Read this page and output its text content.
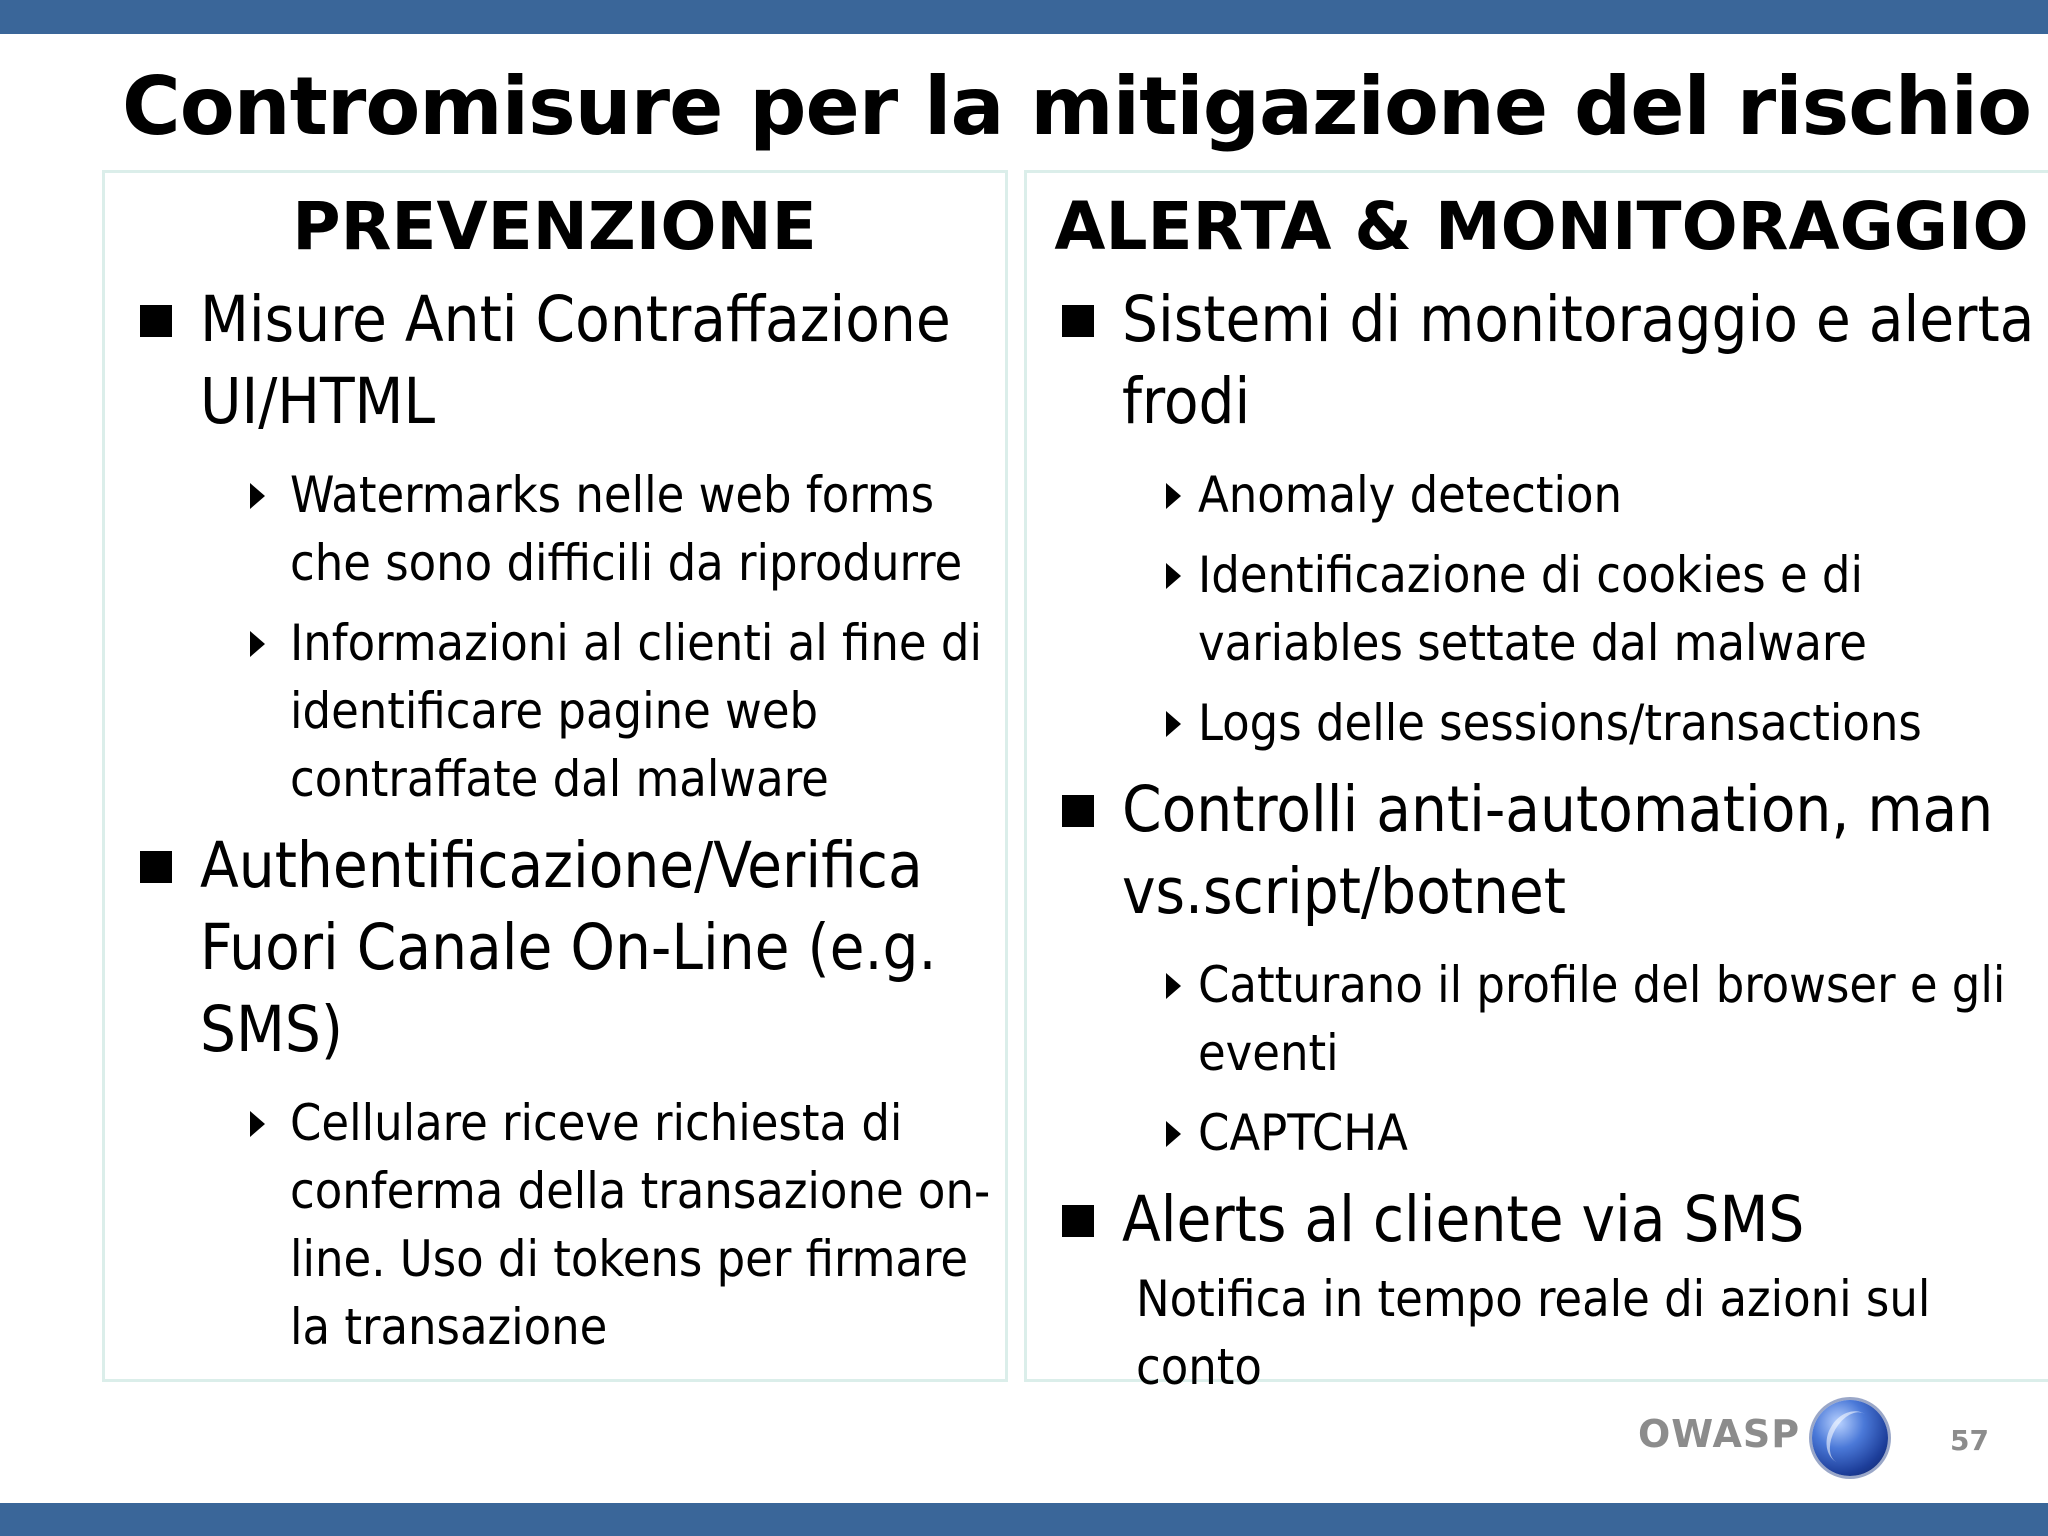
Contromisure per la mitigazione del rischio
PREVENZIONE
Misure Anti Contraffazione UI/HTML
Watermarks nelle web forms che sono difficili da riprodurre
Informazioni al clienti al fine di identificare pagine web contraffate dal malware
Authentificazione/Verifica Fuori Canale On-Line (e.g. SMS)
Cellulare riceve richiesta di conferma della transazione on-line. Uso di tokens per firmare la transazione
ALERTA & MONITORAGGIO
Sistemi di monitoraggio e alerta frodi
Anomaly detection
Identificazione di cookies e di variables settate dal malware
Logs delle sessions/transactions
Controlli anti-automation, man vs.script/botnet
Catturano il profile del browser e gli eventi
CAPTCHA
Alerts al cliente via SMS
Notifica in tempo reale di azioni sul conto
OWASP	57
